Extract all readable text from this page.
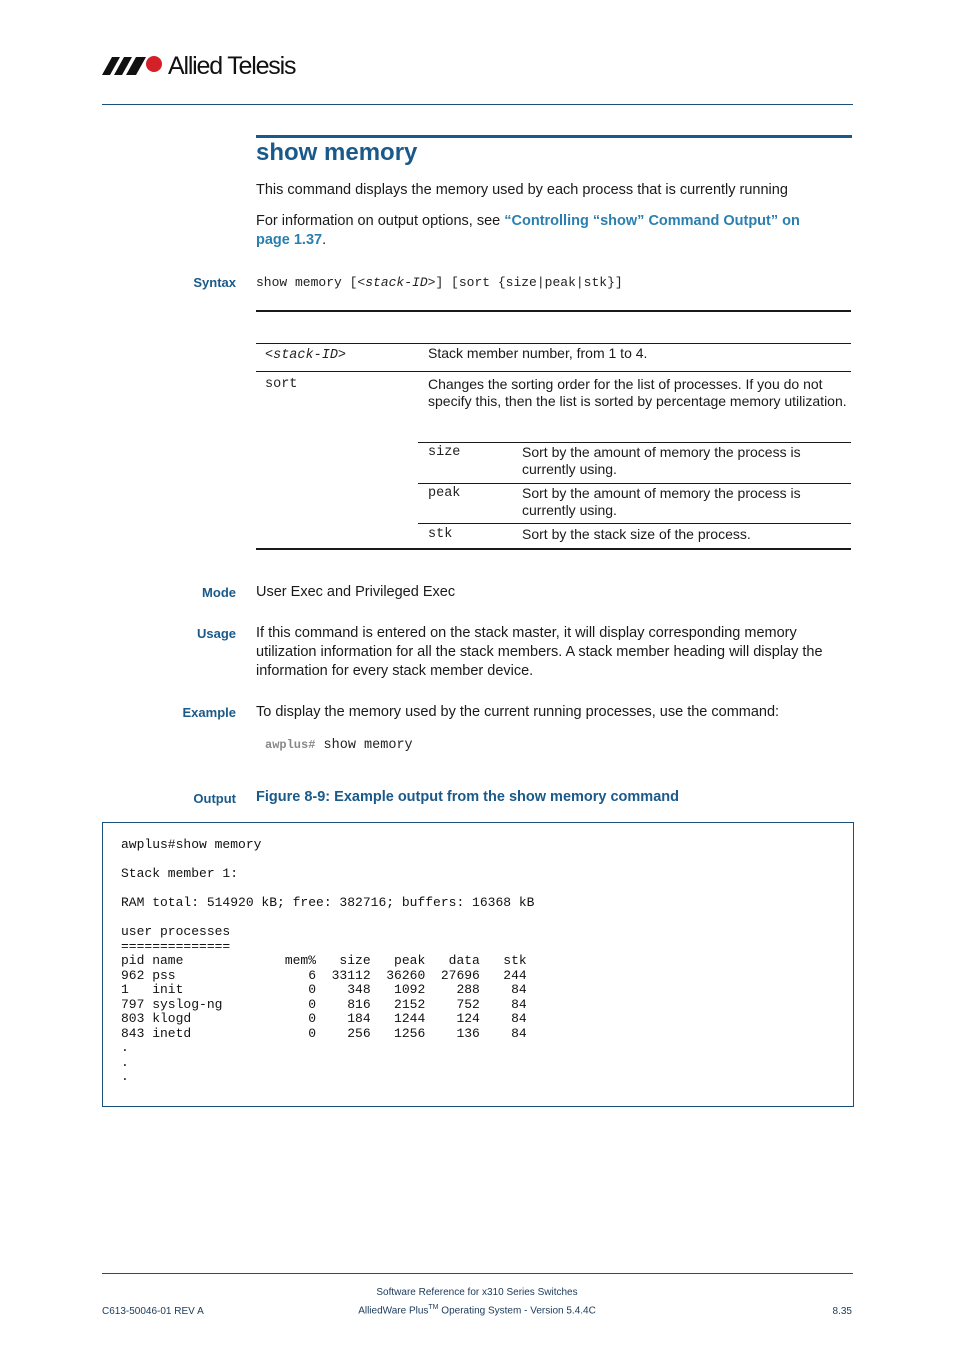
Allied Telesis
show memory
This command displays the memory used by each process that is currently running
For information on output options, see “Controlling “show” Command Output” on
page 1.37.
Syntax show memory [<stack-ID>] [sort {size|peak|stk}]
<stack-ID>	Stack member number, from 1 to 4.
sort	Changes the sorting order for the list of processes. If you do not specify this, then the list is sorted by percentage memory utilization.
size	Sort by the amount of memory the process is currently using.
peak	Sort by the amount of memory the process is currently using.
stk	Sort by the stack size of the process.
Mode User Exec and Privileged Exec
Usage If this command is entered on the stack master, it will display corresponding memory utilization information for all the stack members. A stack member heading will display the information for every stack member device.
Example To display the memory used by the current running processes, use the command:
awplus# show memory
Output Figure 8-9: Example output from the show memory command
awplus#show memory

Stack member 1:

RAM total: 514920 kB; free: 382716; buffers: 16368 kB

user processes
==============
pid name             mem%   size   peak   data   stk
962 pss                 6  33112  36260  27696   244
1   init                0    348   1092    288    84
797 syslog-ng           0    816   2152    752    84
803 klogd               0    184   1244    124    84
843 inetd               0    256   1256    136    84
.
.
.
C613-50046-01 REV A
Software Reference for x310 Series Switches
AlliedWare Plus™ Operating System - Version 5.4.4C	8.35
